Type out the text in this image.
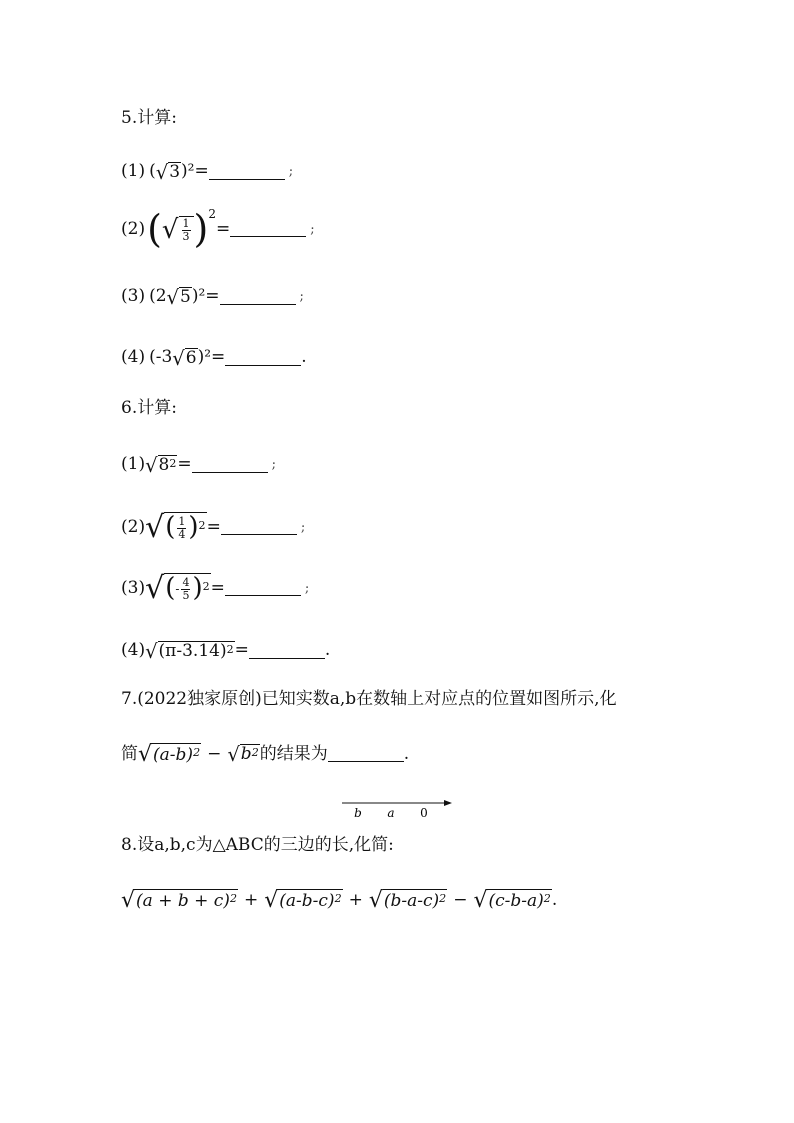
5.计算:
(1) ( √ 3 )²=	;
(2) ( √ $\frac{1}{3}$ ) 2
=	;
(3) (2 √ 5 )²=	;
(4) (-3 √ 6 )²=	.
6.计算:
(1) √ $8^2$ =	;
(2) √ ( $\frac{1}{4} )^2$ =	;
(3) √ ( - $\frac{4}{5} )^2$ =	;
(4) √ $(\pi-3.14)^2$ =	.
7.(2022独家原创)已知实数a,b在数轴上对应点的位置如图所示,化
简 √ $(a-b)^2$ − √ $b^2$ 的结果为	.
b a 0
8.设a,b,c为△ABC的三边的长,化简:
√ $(a + b + c)^2$ + √ $(a-b-c)^2$ + √ $(b-a-c)^2$ − √ $(c-b-a)^2$ .
